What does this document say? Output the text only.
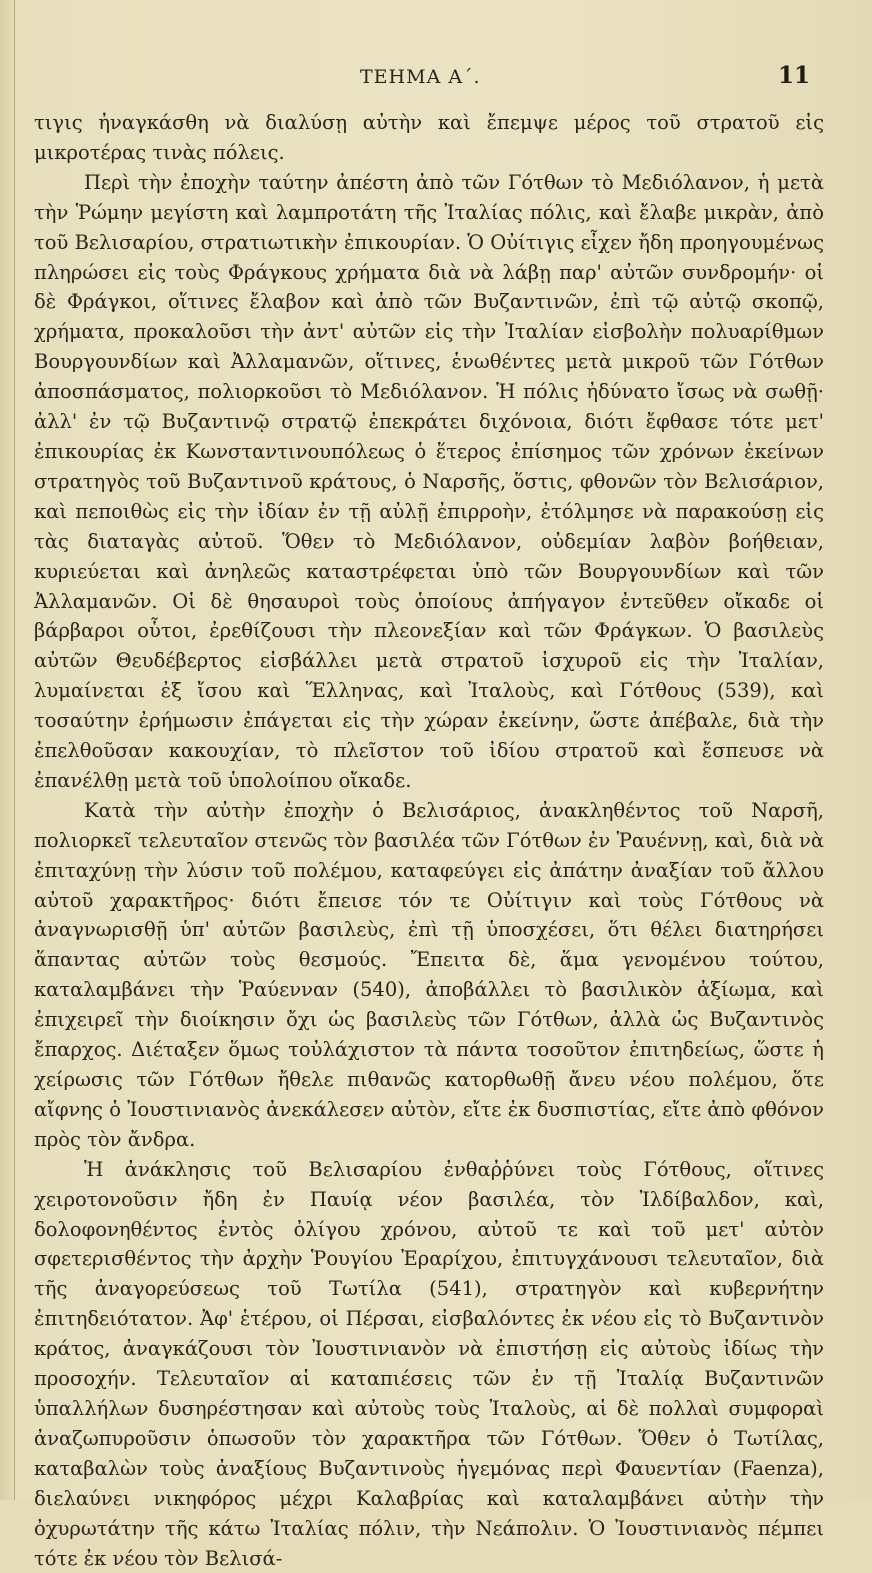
ΤΕΗΜΑ Α΄.	11

τιγις ἠναγκάσθη νὰ διαλύσῃ αὐτὴν καὶ ἔπεμψε μέρος τοῦ στρατοῦ εἰς μικροτέρας τινὰς πόλεις.

Περὶ τὴν ἐποχὴν ταύτην ἀπέστη ἀπὸ τῶν Γότθων τὸ Μεδιόλανον, ἡ μετὰ τὴν Ῥώμην μεγίστη καὶ λαμπροτάτη τῆς Ἰταλίας πόλις, καὶ ἔλαβε μικρὰν, ἀπὸ τοῦ Βελισαρίου, στρατιωτικὴν ἐπικουρίαν. Ὁ Οὐίτιγις εἶχεν ἤδη προηγουμένως πληρώσει εἰς τοὺς Φράγκους χρήματα διὰ νὰ λάβῃ παρ' αὐτῶν συνδρομήν· οἱ δὲ Φράγκοι, οἵτινες ἔλαβον καὶ ἀπὸ τῶν Βυζαντινῶν, ἐπὶ τῷ αὐτῷ σκοπῷ, χρήματα, προκαλοῦσι τὴν ἀντ' αὐτῶν εἰς τὴν Ἰταλίαν εἰσβολὴν πολυαρίθμων Βουργουνδίων καὶ Ἀλλαμανῶν, οἵτινες, ἑνωθέντες μετὰ μικροῦ τῶν Γότθων ἀποσπάσματος, πολιορκοῦσι τὸ Μεδιόλανον. Ἡ πόλις ἠδύνατο ἴσως νὰ σωθῇ· ἀλλ' ἐν τῷ Βυζαντινῷ στρατῷ ἐπεκράτει διχόνοια, διότι ἔφθασε τότε μετ' ἐπικουρίας ἐκ Κωνσταντινουπόλεως ὁ ἕτερος ἐπίσημος τῶν χρόνων ἐκείνων στρατηγὸς τοῦ Βυζαντινοῦ κράτους, ὁ Ναρσῆς, ὅστις, φθονῶν τὸν Βελισάριον, καὶ πεποιθὼς εἰς τὴν ἰδίαν ἐν τῇ αὐλῇ ἐπιρροὴν, ἐτόλμησε νὰ παρακούσῃ εἰς τὰς διαταγὰς αὐτοῦ. Ὅθεν τὸ Μεδιόλανον, οὐδεμίαν λαβὸν βοήθειαν, κυριεύεται καὶ ἀνηλεῶς καταστρέφεται ὑπὸ τῶν Βουργουνδίων καὶ τῶν Ἀλλαμανῶν. Οἱ δὲ θησαυροὶ τοὺς ὁποίους ἀπήγαγον ἐντεῦθεν οἴκαδε οἱ βάρβαροι οὗτοι, ἐρεθίζουσι τὴν πλεονεξίαν καὶ τῶν Φράγκων. Ὁ βασιλεὺς αὐτῶν Θευδέβερτος εἰσβάλλει μετὰ στρατοῦ ἰσχυροῦ εἰς τὴν Ἰταλίαν, λυμαίνεται ἐξ ἴσου καὶ Ἕλληνας, καὶ Ἰταλοὺς, καὶ Γότθους (539), καὶ τοσαύτην ἐρήμωσιν ἐπάγεται εἰς τὴν χώραν ἐκείνην, ὥστε ἀπέβαλε, διὰ τὴν ἐπελθοῦσαν κακουχίαν, τὸ πλεῖστον τοῦ ἰδίου στρατοῦ καὶ ἔσπευσε νὰ ἐπανέλθῃ μετὰ τοῦ ὑπολοίπου οἴκαδε.

Κατὰ τὴν αὐτὴν ἐποχὴν ὁ Βελισάριος, ἀνακληθέντος τοῦ Ναρσῆ, πολιορκεῖ τελευταῖον στενῶς τὸν βασιλέα τῶν Γότθων ἐν Ῥαυέννῃ, καὶ, διὰ νὰ ἐπιταχύνῃ τὴν λύσιν τοῦ πολέμου, καταφεύγει εἰς ἀπάτην ἀναξίαν τοῦ ἄλλου αὐτοῦ χαρακτῆρος· διότι ἔπεισε τόν τε Οὐίτιγιν καὶ τοὺς Γότθους νὰ ἀναγνωρισθῇ ὑπ' αὐτῶν βασιλεὺς, ἐπὶ τῇ ὑποσχέσει, ὅτι θέλει διατηρήσει ἅπαντας αὐτῶν τοὺς θεσμούς. Ἔπειτα δὲ, ἅμα γενομένου τούτου, καταλαμβάνει τὴν Ῥαύενναν (540), ἀποβάλλει τὸ βασιλικὸν ἀξίωμα, καὶ ἐπιχειρεῖ τὴν διοίκησιν ὄχι ὡς βασιλεὺς τῶν Γότθων, ἀλλὰ ὡς Βυζαντινὸς ἔπαρχος. Διέταξεν ὅμως τοὐλάχιστον τὰ πάντα τοσοῦτον ἐπιτηδείως, ὥστε ἡ χείρωσις τῶν Γότθων ἤθελε πιθανῶς κατορθωθῇ ἄνευ νέου πολέμου, ὅτε αἴφνης ὁ Ἰουστινιανὸς ἀνεκάλεσεν αὐτὸν, εἴτε ἐκ δυσπιστίας, εἴτε ἀπὸ φθόνον πρὸς τὸν ἄνδρα.

Ἡ ἀνάκλησις τοῦ Βελισαρίου ἐνθαῤῥύνει τοὺς Γότθους, οἵτινες χειροτονοῦσιν ἤδη ἐν Παυίᾳ νέον βασιλέα, τὸν Ἰλδίβαλδον, καὶ, δολοφονηθέντος ἐντὸς ὀλίγου χρόνου, αὐτοῦ τε καὶ τοῦ μετ' αὐτὸν σφετερισθέντος τὴν ἀρχὴν Ῥουγίου Ἐραρίχου, ἐπιτυγχάνουσι τελευταῖον, διὰ τῆς ἀναγορεύσεως τοῦ Τωτίλα (541), στρατηγὸν καὶ κυβερνήτην ἐπιτηδειότατον. Ἀφ' ἑτέρου, οἱ Πέρσαι, εἰσβαλόντες ἐκ νέου εἰς τὸ Βυζαντινὸν κράτος, ἀναγκάζουσι τὸν Ἰουστινιανὸν νὰ ἐπιστήσῃ εἰς αὐτοὺς ἰδίως τὴν προσοχήν. Τελευταῖον αἱ καταπιέσεις τῶν ἐν τῇ Ἰταλίᾳ Βυζαντινῶν ὑπαλλήλων δυσηρέστησαν καὶ αὐτοὺς τοὺς Ἰταλοὺς, αἱ δὲ πολλαὶ συμφοραὶ ἀναζωπυροῦσιν ὁπωσοῦν τὸν χαρακτῆρα τῶν Γότθων. Ὅθεν ὁ Τωτίλας, καταβαλὼν τοὺς ἀναξίους Βυζαντινοὺς ἡγεμόνας περὶ Φαυεντίαν (Faenza), διελαύνει νικηφόρος μέχρι Καλαβρίας καὶ καταλαμβάνει αὐτὴν τὴν ὀχυρωτάτην τῆς κάτω Ἰταλίας πόλιν, τὴν Νεάπολιν. Ὁ Ἰουστινιανὸς πέμπει τότε ἐκ νέου τὸν Βελισά-
